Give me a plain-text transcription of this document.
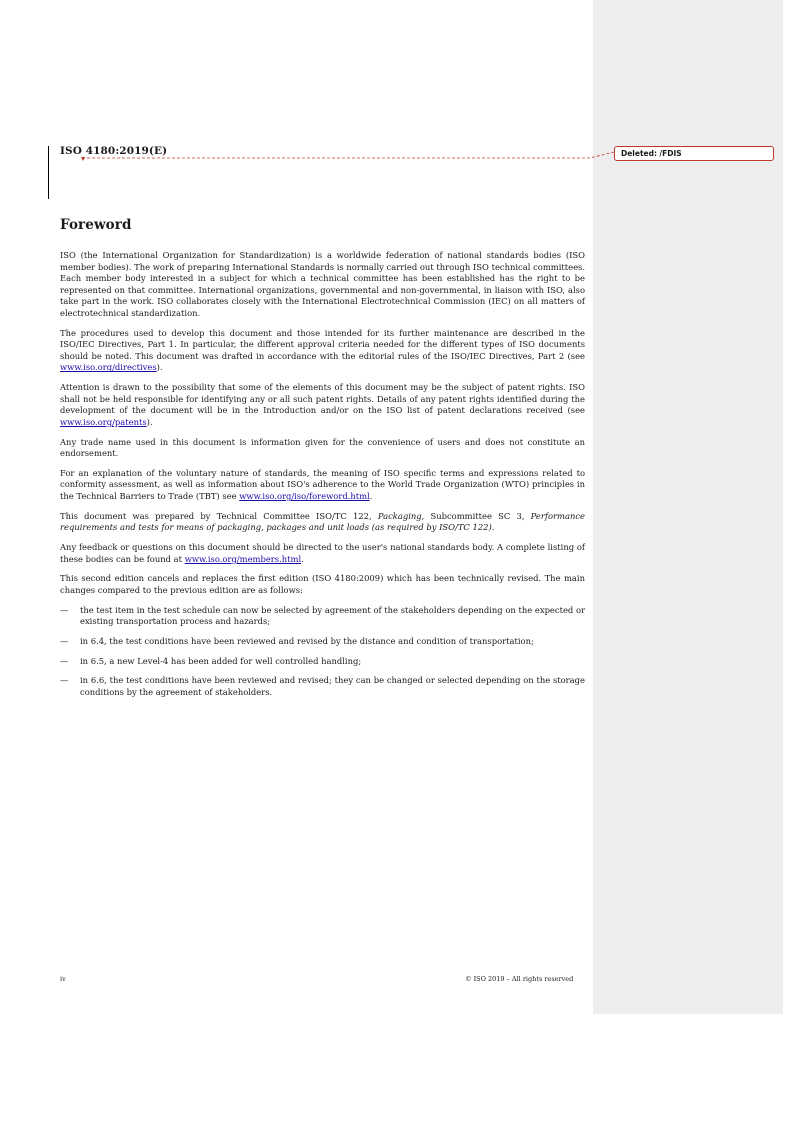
ISO 4180:2019(E)	Deleted: /FDIS
Foreword

ISO (the International Organization for Standardization) is a worldwide federation of national standards bodies (ISO member bodies). The work of preparing International Standards is normally carried out through ISO technical committees. Each member body interested in a subject for which a technical committee has been established has the right to be represented on that committee. International organizations, governmental and non-governmental, in liaison with ISO, also take part in the work. ISO collaborates closely with the International Electrotechnical Commission (IEC) on all matters of electrotechnical standardization.

The procedures used to develop this document and those intended for its further maintenance are described in the ISO/IEC Directives, Part 1. In particular, the different approval criteria needed for the different types of ISO documents should be noted. This document was drafted in accordance with the editorial rules of the ISO/IEC Directives, Part 2 (see www.iso.org/directives).

Attention is drawn to the possibility that some of the elements of this document may be the subject of patent rights. ISO shall not be held responsible for identifying any or all such patent rights. Details of any patent rights identified during the development of the document will be in the Introduction and/or on the ISO list of patent declarations received (see www.iso.org/patents).

Any trade name used in this document is information given for the convenience of users and does not constitute an endorsement.

For an explanation of the voluntary nature of standards, the meaning of ISO specific terms and expressions related to conformity assessment, as well as information about ISO's adherence to the World Trade Organization (WTO) principles in the Technical Barriers to Trade (TBT) see www.iso.org/iso/foreword.html.

This document was prepared by Technical Committee ISO/TC 122, Packaging, Subcommittee SC 3, Performance requirements and tests for means of packaging, packages and unit loads (as required by ISO/TC 122).

Any feedback or questions on this document should be directed to the user's national standards body. A complete listing of these bodies can be found at www.iso.org/members.html.

This second edition cancels and replaces the first edition (ISO 4180:2009) which has been technically revised. The main changes compared to the previous edition are as follows:

— the test item in the test schedule can now be selected by agreement of the stakeholders depending on the expected or existing transportation process and hazards;
— in 6.4, the test conditions have been reviewed and revised by the distance and condition of transportation;
— in 6.5, a new Level-4 has been added for well controlled handling;
— in 6.6, the test conditions have been reviewed and revised; they can be changed or selected depending on the storage conditions by the agreement of stakeholders.
iv	© ISO 2019 – All rights reserved
